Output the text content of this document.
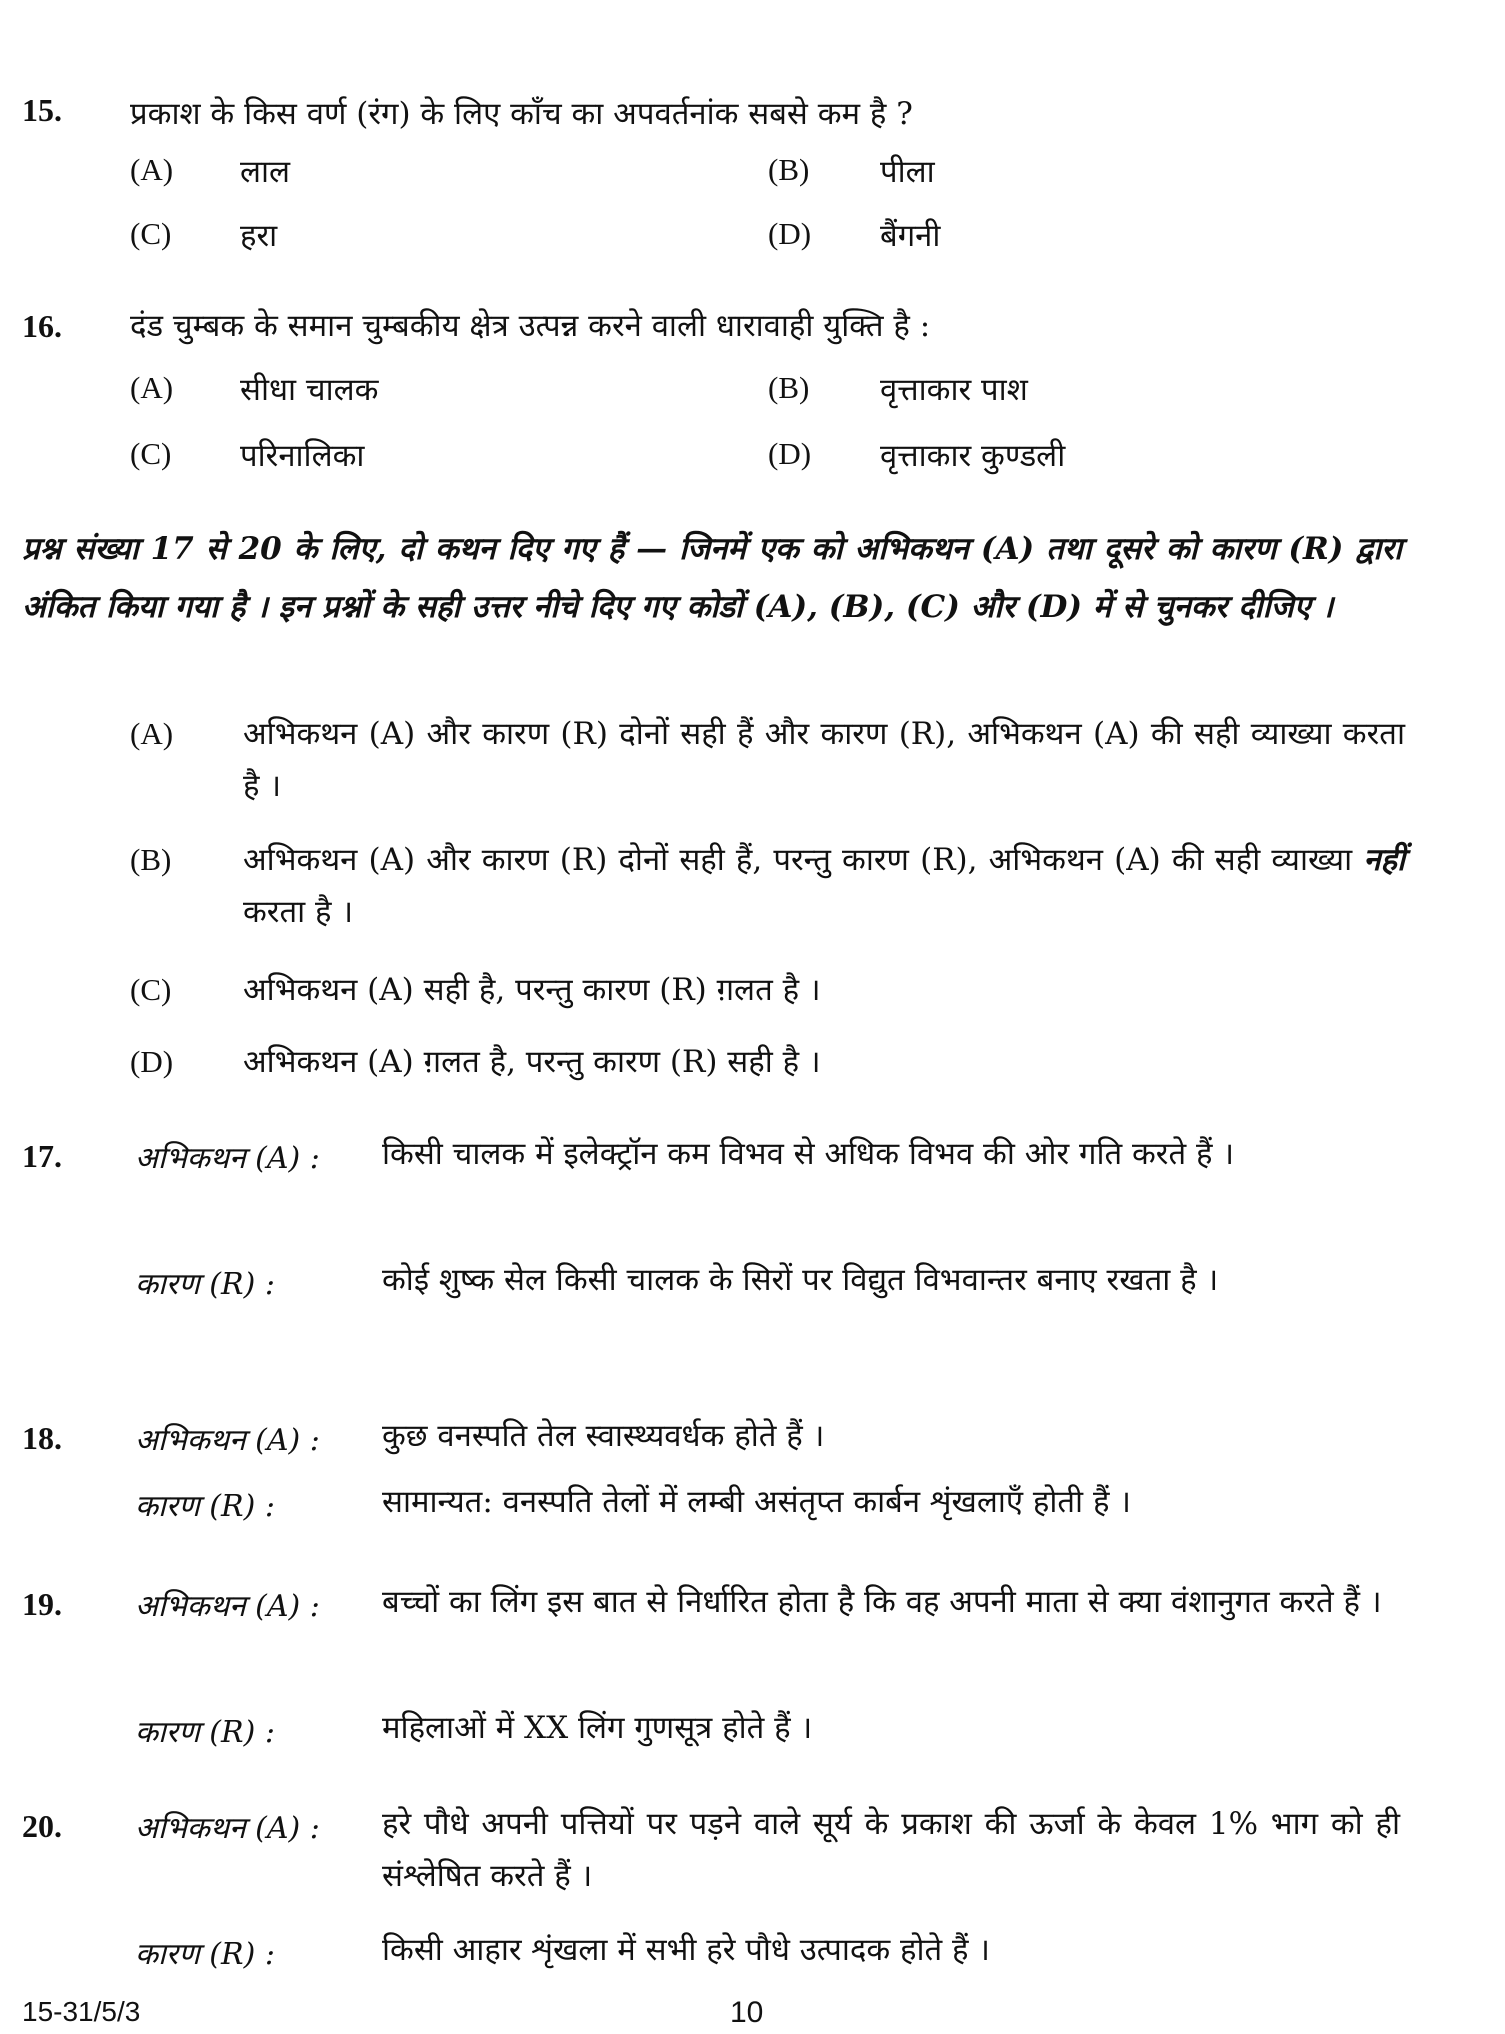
15. प्रकाश के किस वर्ण (रंग) के लिए काँच का अपवर्तनांक सबसे कम है ?
(A) लाल	(B) पीला
(C) हरा	(D) बैंगनी
16. दंड चुम्बक के समान चुम्बकीय क्षेत्र उत्पन्न करने वाली धारावाही युक्ति है :
(A) सीधा चालक	(B) वृत्ताकार पाश
(C) परिनालिका	(D) वृत्ताकार कुण्डली
प्रश्न संख्या 17 से 20 के लिए, दो कथन दिए गए हैं — जिनमें एक को अभिकथन (A) तथा दूसरे को कारण (R) द्वारा अंकित किया गया है । इन प्रश्नों के सही उत्तर नीचे दिए गए कोडों (A), (B), (C) और (D) में से चुनकर दीजिए ।
(A) अभिकथन (A) और कारण (R) दोनों सही हैं और कारण (R), अभिकथन (A) की सही व्याख्या करता है ।
(B) अभिकथन (A) और कारण (R) दोनों सही हैं, परन्तु कारण (R), अभिकथन (A) की सही व्याख्या नहीं करता है ।
(C) अभिकथन (A) सही है, परन्तु कारण (R) ग़लत है ।
(D) अभिकथन (A) ग़लत है, परन्तु कारण (R) सही है ।
17. अभिकथन (A) : किसी चालक में इलेक्ट्रॉन कम विभव से अधिक विभव की ओर गति करते हैं ।
कारण (R) :	कोई शुष्क सेल किसी चालक के सिरों पर विद्युत विभवान्तर बनाए रखता है ।
18. अभिकथन (A) : कुछ वनस्पति तेल स्वास्थ्यवर्धक होते हैं ।
कारण (R) :	सामान्यत: वनस्पति तेलों में लम्बी असंतृप्त कार्बन शृंखलाएँ होती हैं ।
19. अभिकथन (A) : बच्चों का लिंग इस बात से निर्धारित होता है कि वह अपनी माता से क्या वंशानुगत करते हैं ।
कारण (R) :	महिलाओं में XX लिंग गुणसूत्र होते हैं ।
20. अभिकथन (A) : हरे पौधे अपनी पत्तियों पर पड़ने वाले सूर्य के प्रकाश की ऊर्जा के केवल 1% भाग को ही संश्लेषित करते हैं ।
कारण (R) :	किसी आहार शृंखला में सभी हरे पौधे उत्पादक होते हैं ।
15-31/5/3	10
